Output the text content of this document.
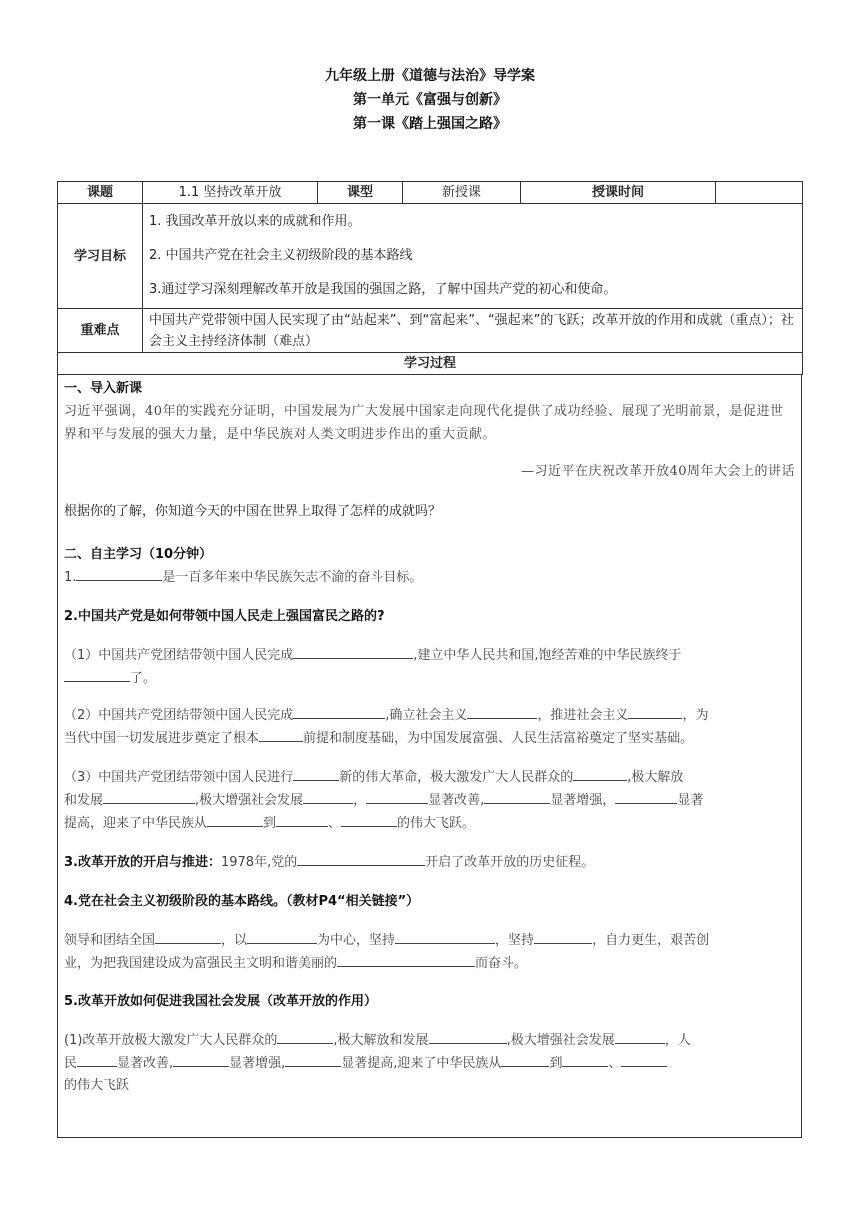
九年级上册《道德与法治》导学案
第一单元《富强与创新》
第一课《踏上强国之路》
课题	1.1 坚持改革开放	课型	新授课	授课时间	
学习目标	1. 我国改革开放以来的成就和作用。
2. 中国共产党在社会主义初级阶段的基本路线
3.通过学习深刻理解改革开放是我国的强国之路，了解中国共产党的初心和使命。				

重难点	中国共产党带领中国人民实现了由“站起来”、到“富起来”、“强起来”的飞跃；改革开放的作用和成就（重点）；社会主义主持经济体制（难点）				
学习过程					
一、导入新课
习近平强调，40年的实践充分证明，中国发展为广大发展中国家走向现代化提供了成功经验、展现了光明前景，是促进世界和平与发展的强大力量，是中华民族对人类文明进步作出的重大贡献。
—习近平在庆祝改革开放40周年大会上的讲话
根据你的了解，你知道今天的中国在世界上取得了怎样的成就吗？
二、自主学习（10分钟）
1.	是一百多年来中华民族矢志不渝的奋斗目标。
2.中国共产党是如何带领中国人民走上强国富民之路的?
（1）中国共产党团结带领中国人民完成	,建立中华人民共和国,饱经苦难的中华民族终于
了。
（2）中国共产党团结带领中国人民完成	,确立社会主义	，推进社会主义	，为
当代中国一切发展进步奠定了根本	前提和制度基础，为中国发展富强、人民生活富裕奠定了坚实基础。
（3）中国共产党团结带领中国人民进行	新的伟大革命，极大激发广大人民群众的	,极大解放
和发展	,极大增强社会发展	，	显著改善,	显著增强，	显著
提高，迎来了中华民族从	到	、	的伟大飞跃。
3.改革开放的开启与推进：1978年,党的	开启了改革开放的历史征程。
4.党在社会主义初级阶段的基本路线。（教材P4“相关链接”）
领导和团结全国	，以	为中心，坚持	，坚持	，自力更生，艰苦创
业，为把我国建设成为富强民主文明和谐美丽的	而奋斗。
5.改革开放如何促进我国社会发展（改革开放的作用）
(1)改革开放极大激发广大人民群众的	,极大解放和发展	,极大增强社会发展	，人
民	显著改善,	显著增强,	显著提高,迎来了中华民族从	到	、
的伟大飞跃
